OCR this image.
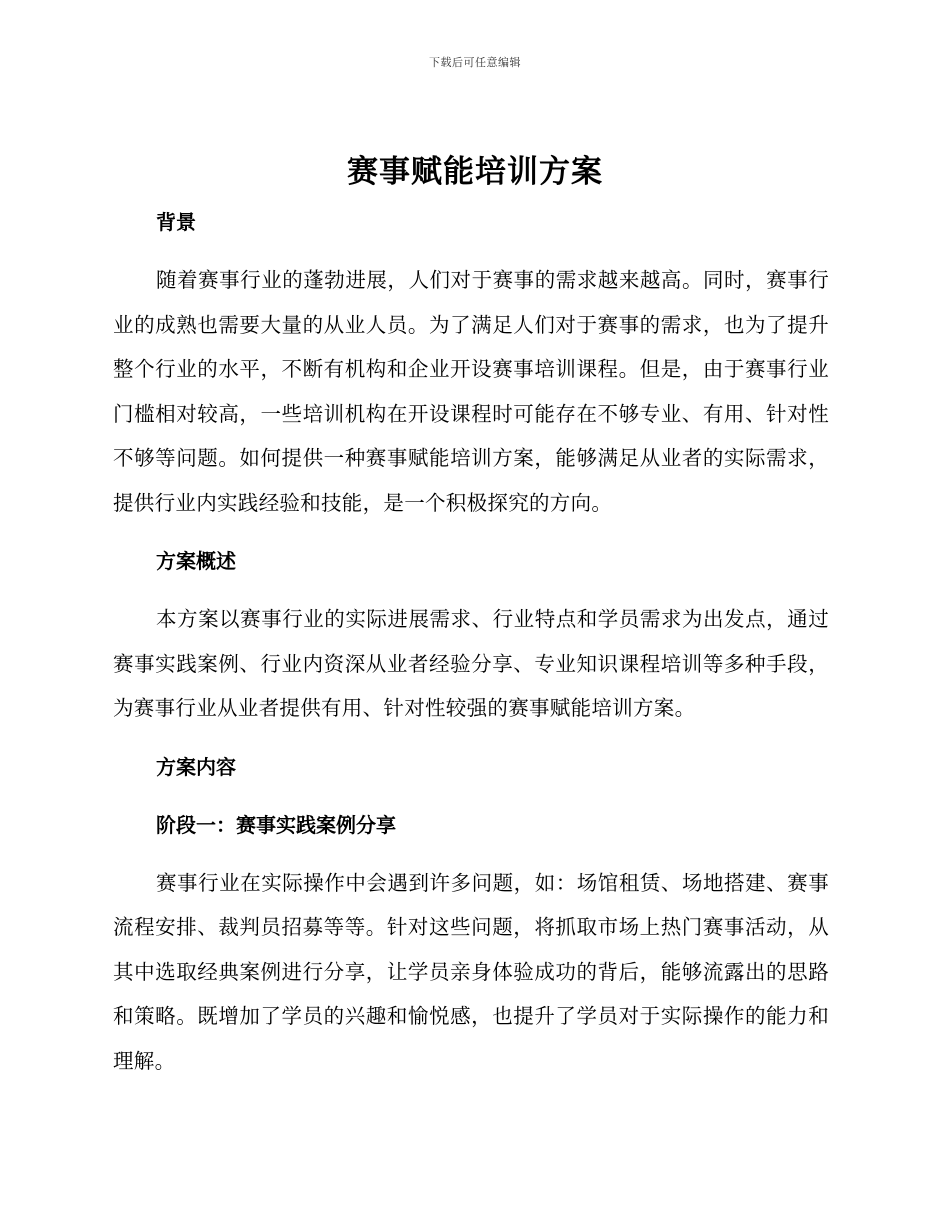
下载后可任意编辑
赛事赋能培训方案
背景

随着赛事行业的蓬勃进展，人们对于赛事的需求越来越高。同时，赛事行业的成熟也需要大量的从业人员。为了满足人们对于赛事的需求，也为了提升整个行业的水平，不断有机构和企业开设赛事培训课程。但是，由于赛事行业门槛相对较高，一些培训机构在开设课程时可能存在不够专业、有用、针对性不够等问题。如何提供一种赛事赋能培训方案，能够满足从业者的实际需求，提供行业内实践经验和技能，是一个积极探究的方向。

方案概述

本方案以赛事行业的实际进展需求、行业特点和学员需求为出发点，通过赛事实践案例、行业内资深从业者经验分享、专业知识课程培训等多种手段，为赛事行业从业者提供有用、针对性较强的赛事赋能培训方案。

方案内容
阶段一：赛事实践案例分享

赛事行业在实际操作中会遇到许多问题，如：场馆租赁、场地搭建、赛事流程安排、裁判员招募等等。针对这些问题，将抓取市场上热门赛事活动，从其中选取经典案例进行分享，让学员亲身体验成功的背后，能够流露出的思路和策略。既增加了学员的兴趣和愉悦感，也提升了学员对于实际操作的能力和理解。
